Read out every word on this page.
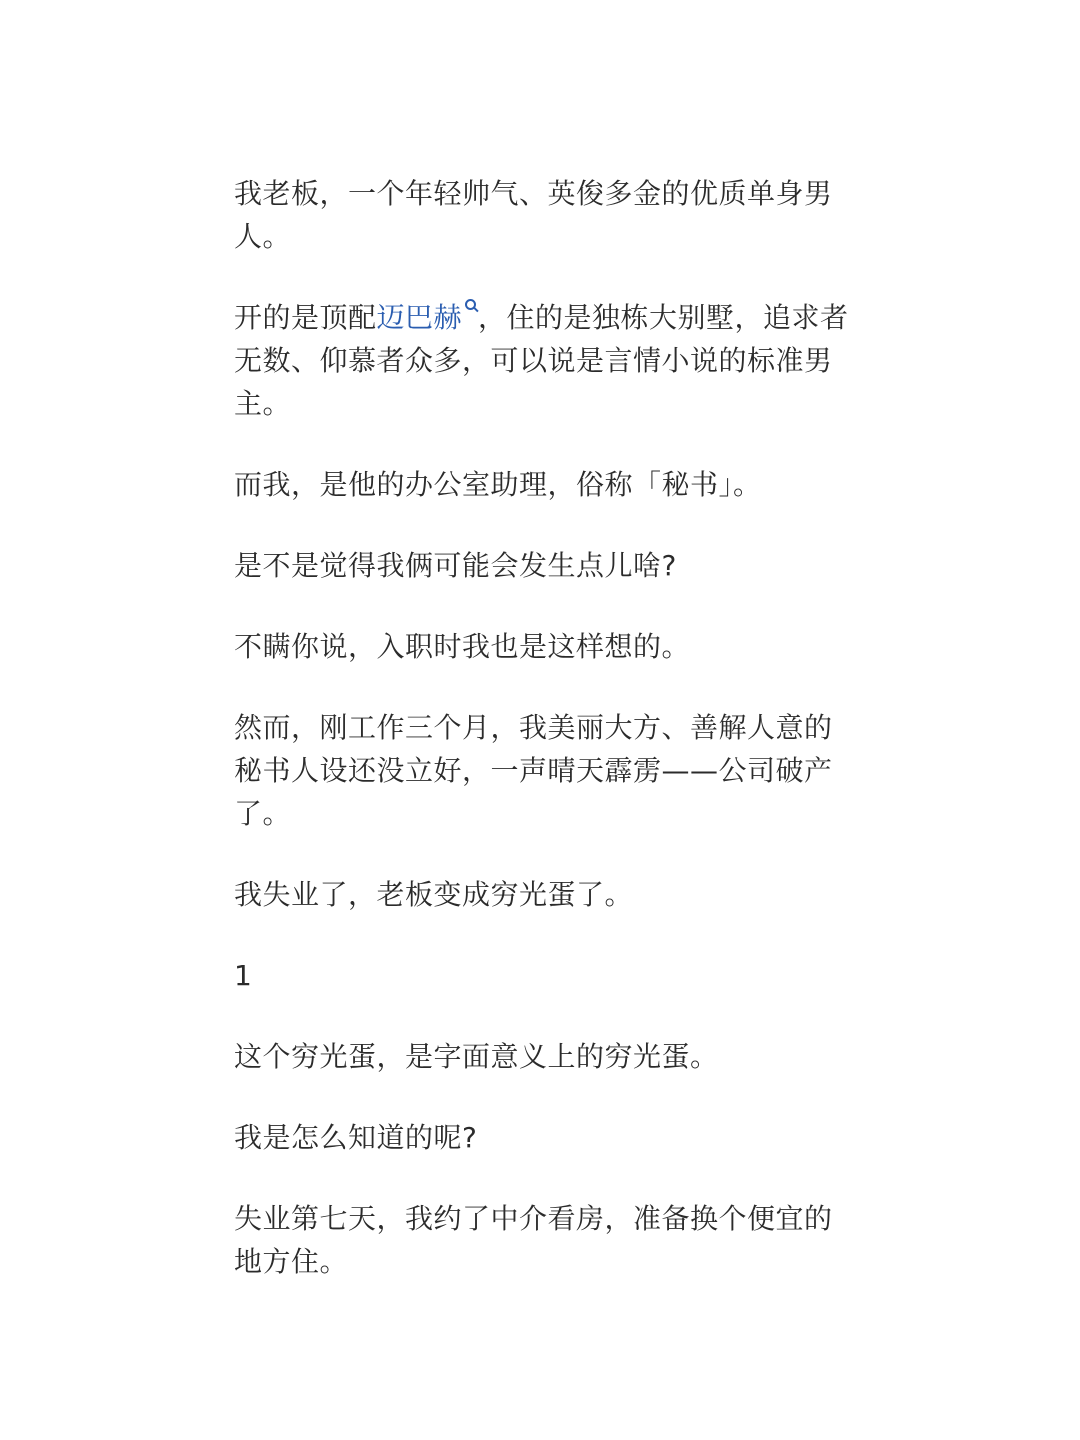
我老板，一个年轻帅气、英俊多金的优质单身男人。

开的是顶配迈巴赫 ，住的是独栋大别墅，追求者无数、仰慕者众多，可以说是言情小说的标准男主。

而我，是他的办公室助理，俗称「秘书」。

是不是觉得我俩可能会发生点儿啥?

不瞒你说，入职时我也是这样想的。

然而，刚工作三个月，我美丽大方、善解人意的秘书人设还没立好，一声晴天霹雳——公司破产了。

我失业了，老板变成穷光蛋了。

1

这个穷光蛋，是字面意义上的穷光蛋。

我是怎么知道的呢?

失业第七天，我约了中介看房，准备换个便宜的地方住。
